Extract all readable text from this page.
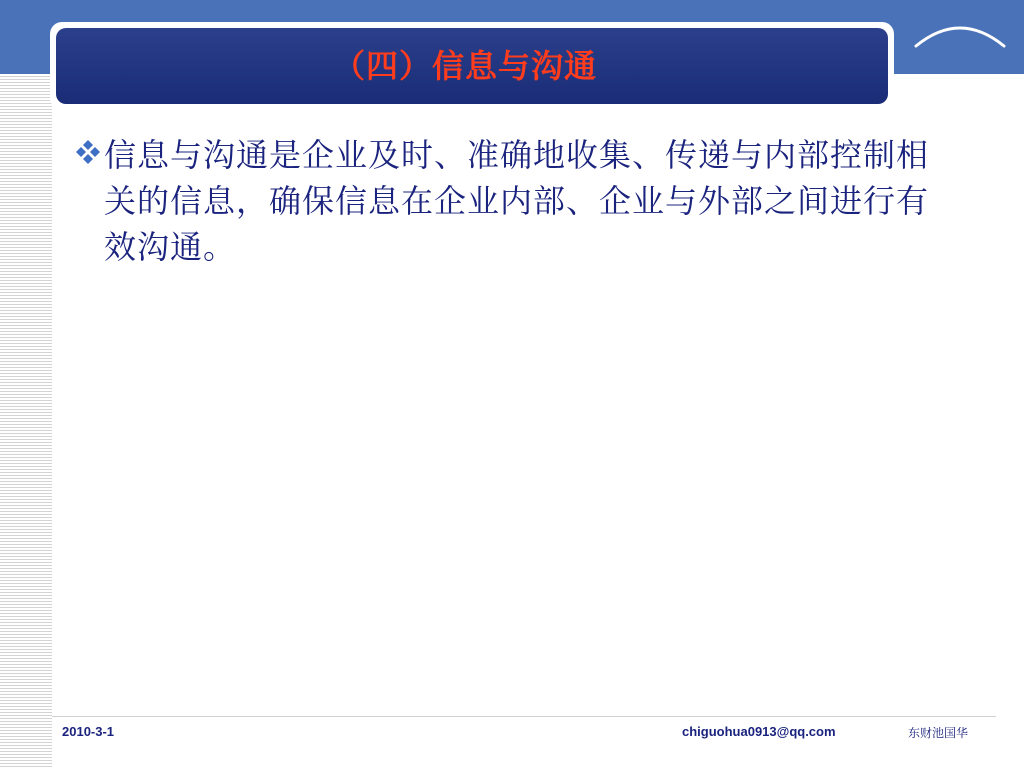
（四）信息与沟通
信息与沟通是企业及时、准确地收集、传递与内部控制相关的信息，确保信息在企业内部、企业与外部之间进行有效沟通。
2010-3-1	chiguohua0913@qq.com	东财池国华
